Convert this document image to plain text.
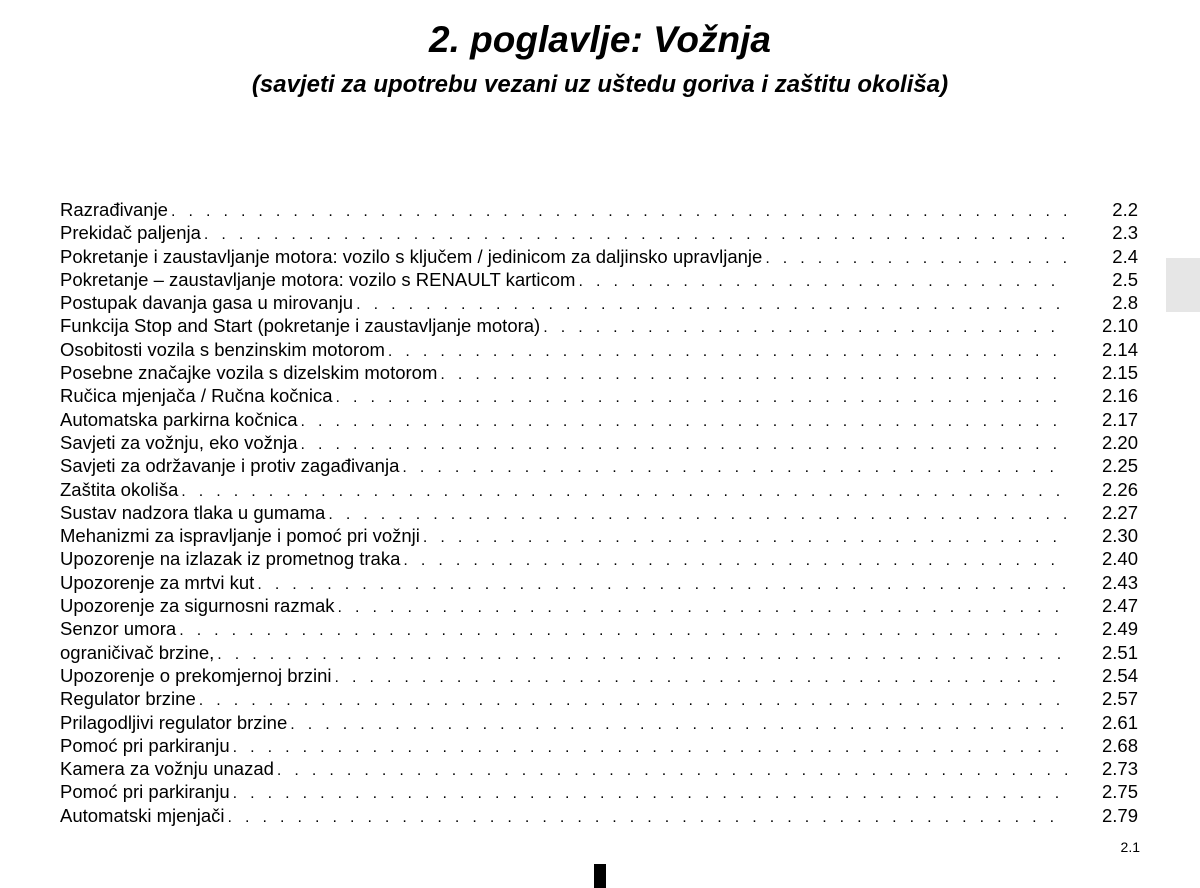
2. poglavlje: Vožnja
(savjeti za upotrebu vezani uz uštedu goriva i zaštitu okoliša)
Razrađivanje . . .	2.2
Prekidač paljenja . . .	2.3
Pokretanje i zaustavljanje motora: vozilo s ključem / jedinicom za daljinsko upravljanje . . .	2.4
Pokretanje – zaustavljanje motora: vozilo s RENAULT karticom . . .	2.5
Postupak davanja gasa u mirovanju . . .	2.8
Funkcija Stop and Start (pokretanje i zaustavljanje motora) . . .	2.10
Osobitosti vozila s benzinskim motorom . . .	2.14
Posebne značajke vozila s dizelskim motorom . . .	2.15
Ručica mjenjača / Ručna kočnica . . .	2.16
Automatska parkirna kočnica . . .	2.17
Savjeti za vožnju, eko vožnja . . .	2.20
Savjeti za održavanje i protiv zagađivanja . . .	2.25
Zaštita okoliša . . .	2.26
Sustav nadzora tlaka u gumama . . .	2.27
Mehanizmi za ispravljanje i pomoć pri vožnji . . .	2.30
Upozorenje na izlazak iz prometnog traka . . .	2.40
Upozorenje za mrtvi kut . . .	2.43
Upozorenje za sigurnosni razmak . . .	2.47
Senzor umora . . .	2.49
ograničivač brzine, . . .	2.51
Upozorenje o prekomjernoj brzini . . .	2.54
Regulator brzine . . .	2.57
Prilagodljivi regulator brzine . . .	2.61
Pomoć pri parkiranju . . .	2.68
Kamera za vožnju unazad . . .	2.73
Pomoć pri parkiranju . . .	2.75
Automatski mjenjači . . .	2.79
2.1
